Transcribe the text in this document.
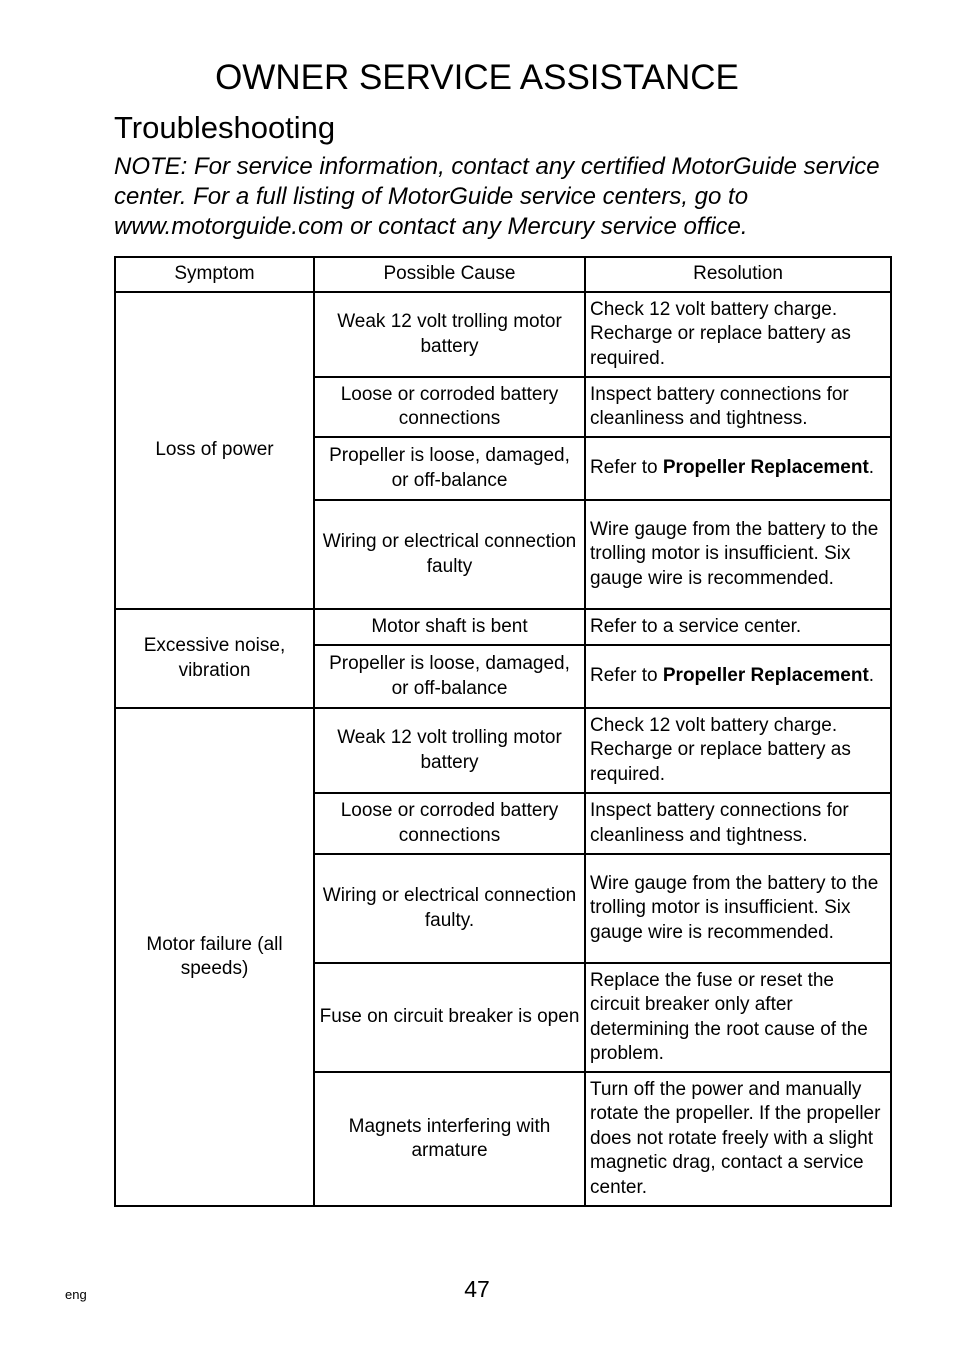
OWNER SERVICE ASSISTANCE
Troubleshooting
NOTE: For service information, contact any certified MotorGuide service center. For a full listing of MotorGuide service centers, go to www.motorguide.com or contact any Mercury service office.
Symptom	Possible Cause	Resolution
Loss of power	Weak 12 volt trolling motor battery	Check 12 volt battery charge. Recharge or replace battery as required.
	Loose or corroded battery connections	Inspect battery connections for cleanliness and tightness.
	Propeller is loose, damaged, or off-balance	Refer to Propeller Replacement.
	Wiring or electrical connection faulty	Wire gauge from the battery to the trolling motor is insufficient. Six gauge wire is recommended.
Excessive noise, vibration	Motor shaft is bent	Refer to a service center.
	Propeller is loose, damaged, or off-balance	Refer to Propeller Replacement.
Motor failure (all speeds)	Weak 12 volt trolling motor battery	Check 12 volt battery charge. Recharge or replace battery as required.
	Loose or corroded battery connections	Inspect battery connections for cleanliness and tightness.
	Wiring or electrical connection faulty.	Wire gauge from the battery to the trolling motor is insufficient. Six gauge wire is recommended.
	Fuse on circuit breaker is open	Replace the fuse or reset the circuit breaker only after determining the root cause of the problem.
	Magnets interfering with armature	Turn off the power and manually rotate the propeller. If the propeller does not rotate freely with a slight magnetic drag, contact a service center.
eng	47
